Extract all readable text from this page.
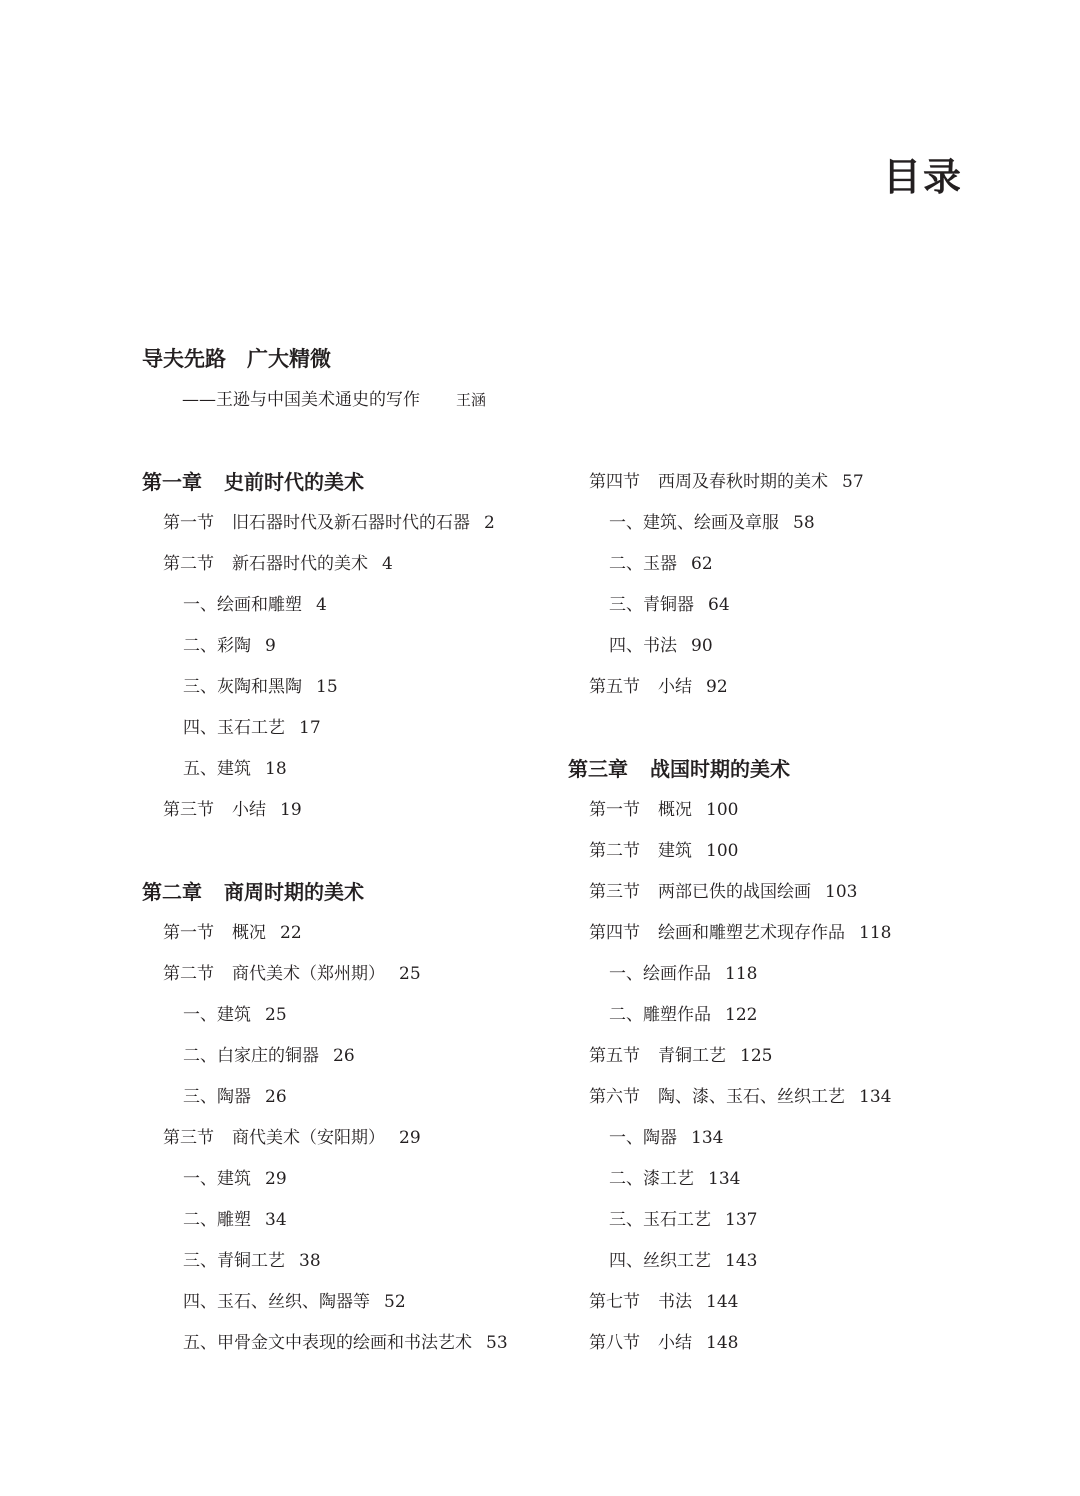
目录
导夫先路　广大精微
——王逊与中国美术通史的写作 王涵
第一章 史前时代的美术
第一节 旧石器时代及新石器时代的石器 2
第二节 新石器时代的美术 4
一、绘画和雕塑 4
二、彩陶 9
三、灰陶和黑陶 15
四、玉石工艺 17
五、建筑 18
第三节 小结 19
第二章 商周时期的美术
第一节 概况 22
第二节 商代美术（郑州期） 25
一、建筑 25
二、白家庄的铜器 26
三、陶器 26
第三节 商代美术（安阳期） 29
一、建筑 29
二、雕塑 34
三、青铜工艺 38
四、玉石、丝织、陶器等 52
五、甲骨金文中表现的绘画和书法艺术 53
第四节 西周及春秋时期的美术 57
一、建筑、绘画及章服 58
二、玉器 62
三、青铜器 64
四、书法 90
第五节 小结 92
第三章 战国时期的美术
第一节 概况 100
第二节 建筑 100
第三节 两部已佚的战国绘画 103
第四节 绘画和雕塑艺术现存作品 118
一、绘画作品 118
二、雕塑作品 122
第五节 青铜工艺 125
第六节 陶、漆、玉石、丝织工艺 134
一、陶器 134
二、漆工艺 134
三、玉石工艺 137
四、丝织工艺 143
第七节 书法 144
第八节 小结 148
